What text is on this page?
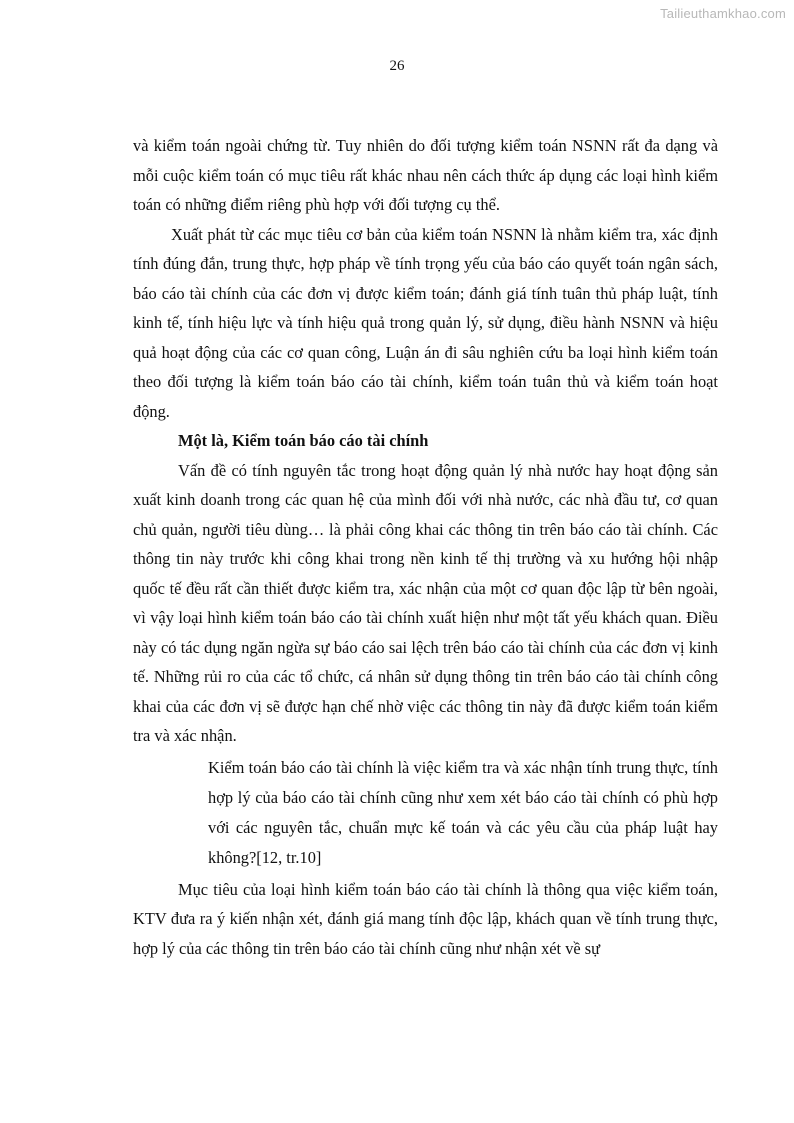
Tailieuthamkhao.com
26

và kiểm toán ngoài chứng từ. Tuy nhiên do đối tượng kiểm toán NSNN rất đa dạng và mỗi cuộc kiểm toán có mục tiêu rất khác nhau nên cách thức áp dụng các loại hình kiểm toán có những điểm riêng phù hợp với đối tượng cụ thể.

Xuất phát từ các mục tiêu cơ bản của kiểm toán NSNN là nhằm kiểm tra, xác định tính đúng đắn, trung thực, hợp pháp về tính trọng yếu của báo cáo quyết toán ngân sách, báo cáo tài chính của các đơn vị được kiểm toán; đánh giá tính tuân thủ pháp luật, tính kinh tế, tính hiệu lực và tính hiệu quả trong quản lý, sử dụng, điều hành NSNN và hiệu quả hoạt động của các cơ quan công, Luận án đi sâu nghiên cứu ba loại hình kiểm toán theo đối tượng là kiểm toán báo cáo tài chính, kiểm toán tuân thủ và kiểm toán hoạt động.

Một là, Kiểm toán báo cáo tài chính

Vấn đề có tính nguyên tắc trong hoạt động quản lý nhà nước hay hoạt động sản xuất kinh doanh trong các quan hệ của mình đối với nhà nước, các nhà đầu tư, cơ quan chủ quản, người tiêu dùng… là phải công khai các thông tin trên báo cáo tài chính. Các thông tin này trước khi công khai trong nền kinh tế thị trường và xu hướng hội nhập quốc tế đều rất cần thiết được kiểm tra, xác nhận của một cơ quan độc lập từ bên ngoài, vì vậy loại hình kiểm toán báo cáo tài chính xuất hiện như một tất yếu khách quan. Điều này có tác dụng ngăn ngừa sự báo cáo sai lệch trên báo cáo tài chính của các đơn vị kinh tế. Những rủi ro của các tổ chức, cá nhân sử dụng thông tin trên báo cáo tài chính công khai của các đơn vị sẽ được hạn chế nhờ việc các thông tin này đã được kiểm toán kiểm tra và xác nhận.

Kiểm toán báo cáo tài chính là việc kiểm tra và xác nhận tính trung thực, tính hợp lý của báo cáo tài chính cũng như xem xét báo cáo tài chính có phù hợp với các nguyên tắc, chuẩn mực kế toán và các yêu cầu của pháp luật hay không?[12, tr.10]

Mục tiêu của loại hình kiểm toán báo cáo tài chính là thông qua việc kiểm toán, KTV đưa ra ý kiến nhận xét, đánh giá mang tính độc lập, khách quan về tính trung thực, hợp lý của các thông tin trên báo cáo tài chính cũng như nhận xét về sự
